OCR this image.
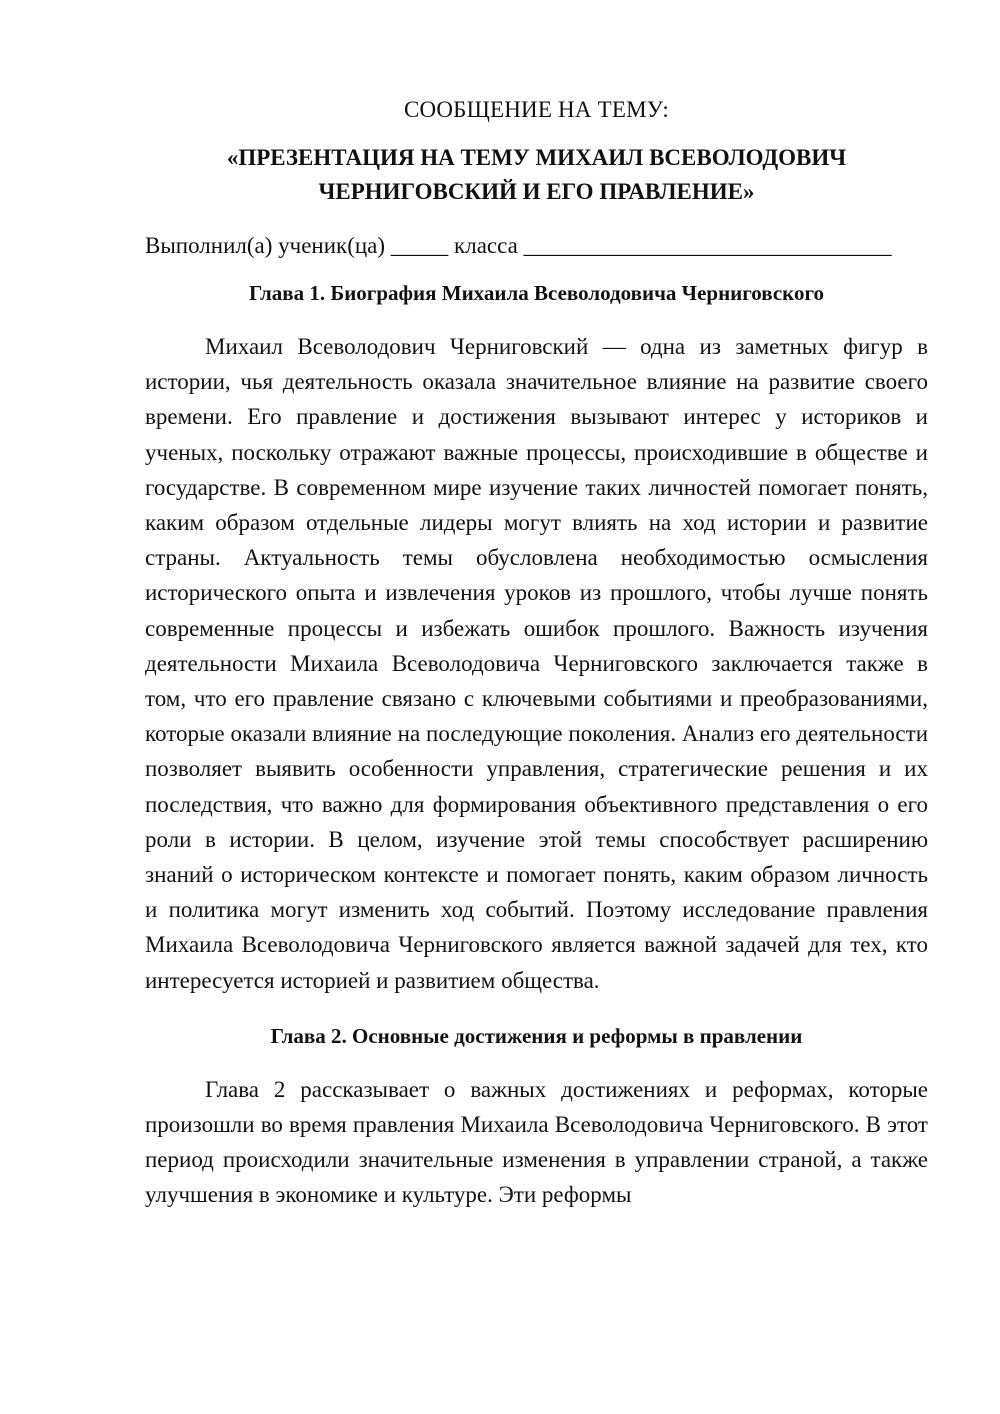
СООБЩЕНИЕ НА ТЕМУ:
«ПРЕЗЕНТАЦИЯ НА ТЕМУ МИХАИЛ ВСЕВОЛОДОВИЧ
ЧЕРНИГОВСКИЙ И ЕГО ПРАВЛЕНИЕ»
Выполнил(а) ученик(ца) _____ класса ________________________________
Глава 1. Биография Михаила Всеволодовича Черниговского

Михаил Всеволодович Черниговский — одна из заметных фигур в истории, чья деятельность оказала значительное влияние на развитие своего времени. Его правление и достижения вызывают интерес у историков и ученых, поскольку отражают важные процессы, происходившие в обществе и государстве. В современном мире изучение таких личностей помогает понять, каким образом отдельные лидеры могут влиять на ход истории и развитие страны. Актуальность темы обусловлена необходимостью осмысления исторического опыта и извлечения уроков из прошлого, чтобы лучше понять современные процессы и избежать ошибок прошлого. Важность изучения деятельности Михаила Всеволодовича Черниговского заключается также в том, что его правление связано с ключевыми событиями и преобразованиями, которые оказали влияние на последующие поколения. Анализ его деятельности позволяет выявить особенности управления, стратегические решения и их последствия, что важно для формирования объективного представления о его роли в истории. В целом, изучение этой темы способствует расширению знаний о историческом контексте и помогает понять, каким образом личность и политика могут изменить ход событий. Поэтому исследование правления Михаила Всеволодовича Черниговского является важной задачей для тех, кто интересуется историей и развитием общества.

Глава 2. Основные достижения и реформы в правлении

Глава 2 рассказывает о важных достижениях и реформах, которые произошли во время правления Михаила Всеволодовича Черниговского. В этот период происходили значительные изменения в управлении страной, а также улучшения в экономике и культуре. Эти реформы
